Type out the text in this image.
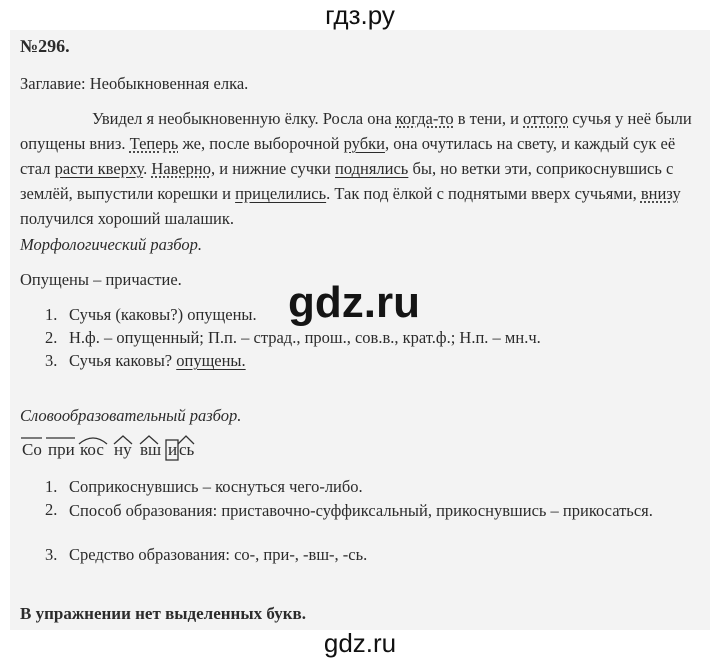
гдз.ру
№296.
Заглавие: Необыкновенная елка.
Увидел я необыкновенную ёлку. Росла она когда-то в тени, и оттого сучья у неё были опущены вниз. Теперь же, после выборочной рубки, она очутилась на свету, и каждый сук её стал расти кверху. Наверно, и нижние сучки поднялись бы, но ветки эти, соприкоснувшись с землёй, выпустили корешки и прицелились. Так под ёлкой с поднятыми вверх сучьями, внизу получился хороший шалашик.
Морфологический разбор.
Опущены – причастие.
1. Сучья (каковы?) опущены.
2. Н.ф. – опущенный; П.п. – страд., прош., сов.в., крат.ф.; Н.п. – мн.ч.
3. Сучья каковы? опущены.
Словообразовательный разбор.
Со при кос ну вш и сь
1. Соприкоснувшись – коснуться чего-либо.
2. Способ образования: приставочно-суффиксальный, прикоснувшись – прикосаться.
3. Средство образования: со-, при-, -вш-, -сь.
В упражнении нет выделенных букв.
gdz.ru
gdz.ru
